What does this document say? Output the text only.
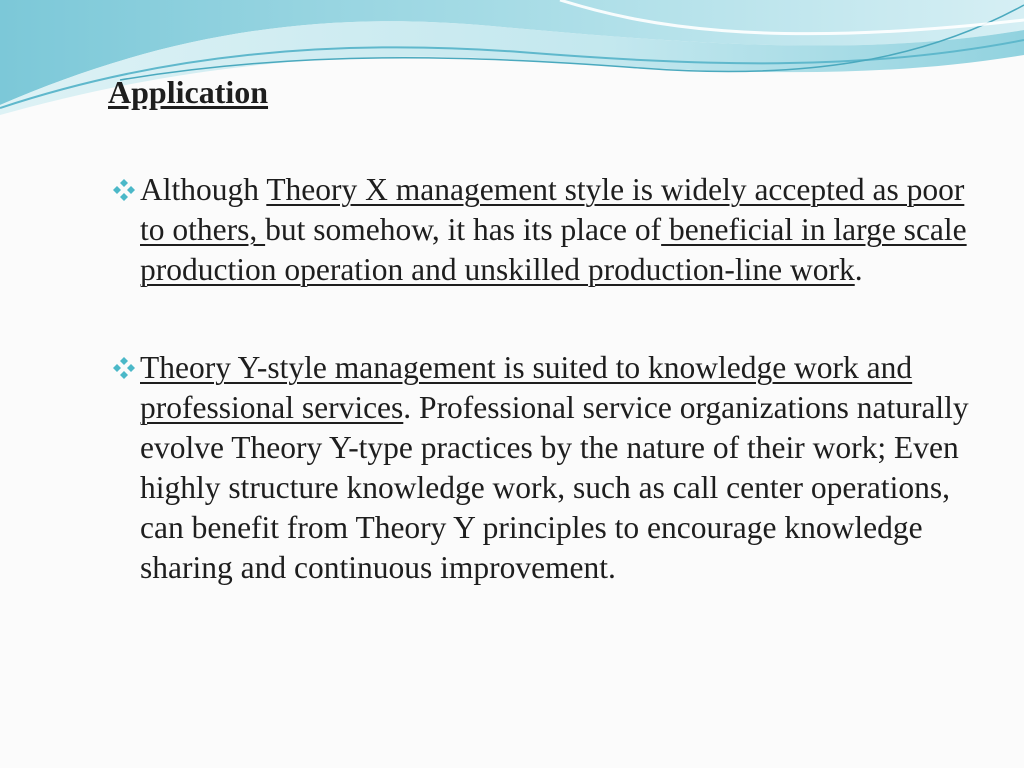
Application

Although Theory X management style is widely accepted as poor to others, but somehow, it has its place of beneficial in large scale production operation and unskilled production-line work.

Theory Y-style management is suited to knowledge work and professional services. Professional service organizations naturally evolve Theory Y-type practices by the nature of their work; Even highly structure knowledge work, such as call center operations, can benefit from Theory Y principles to encourage knowledge sharing and continuous improvement.
